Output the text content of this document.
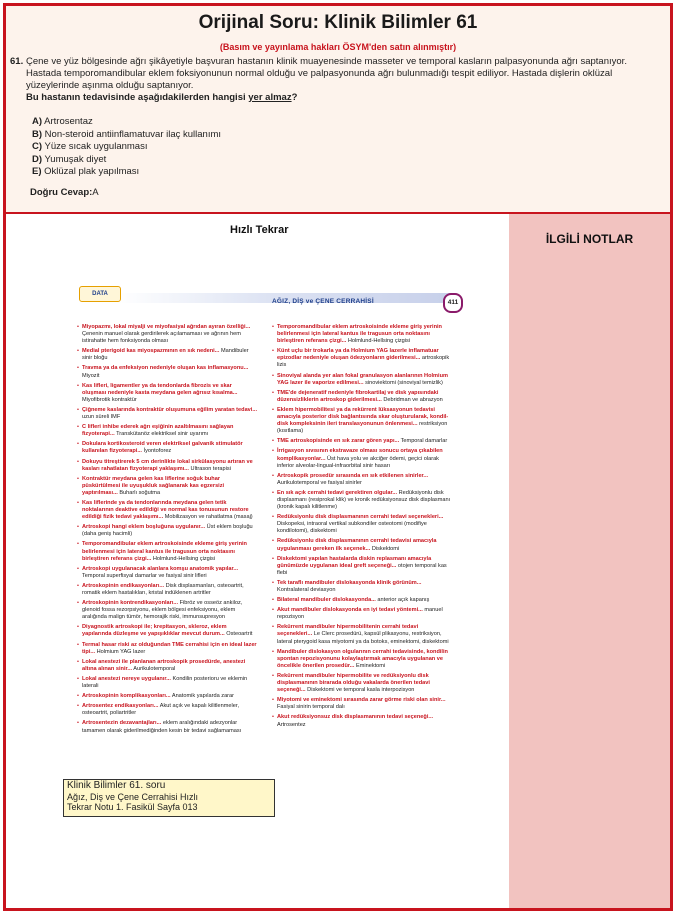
Orijinal Soru: Klinik Bilimler 61
(Basım ve yayınlama hakları ÖSYM'den satın alınmıştır)
61. Çene ve yüz bölgesinde ağrı şikâyetiyle başvuran hastanın klinik muayenesinde masseter ve temporal kasların palpasyonunda ağrı saptanıyor. Hastada temporomandibular eklem foksiyonunun normal olduğu ve palpasyonunda ağrı bulunmadığı tespit ediliyor. Hastada dişlerin oklüzal yüzeylerinde aşınma olduğu saptanıyor.
Bu hastanın tedavisinde aşağıdakilerden hangisi yer almaz?
A) Artrosentaz
B) Non-steroid antiinflamatuvar ilaç kullanımı
C) Yüze sıcak uygulanması
D) Yumuşak diyet
E) Oklüzal plak yapılması
Doğru Cevap:A
İLGİLİ NOTLAR
Hızlı Tekrar
DATA
AĞIZ, DİŞ ve ÇENE CERRAHİSİ	411
• Miyopazmı, lokal miyalji ve miyofasiyal ağrıdan ayıran özelliği... Çenenin manuel olarak gerdirilerek açılamaması ve ağrının hem istirahatte hem fonksiyonda olması
• Medial pterigoid kas miyospazmının en sık nedeni... Mandibuler sinir bloğu
• Travma ya da enfeksiyon nedeniyle oluşan kas inflamasyonu... Miyozit
• Kas lifleri, ligamentler ya da tendonlarda fibrozis ve skar oluşması nedeniyle kasta meydana gelen ağrısız kısalma... Miyofibrotik kontraktür
• Çiğneme kaslarında kontraktür oluşumuna eğilim yaratan tedavi... uzun süreli IMF
• C lifleri inhibe ederek ağrı eşiğinin azaltılmasını sağlayan fizyoterapi... Transkütanöz elektriksel sinir uyarımı
• Dokulara kortikosteroid veren elektriksel galvanik stimulatör kullanılan fizyoterapi... İyontoforez
• Dokuyu titreştirerek 5 cm derinlikte lokal sirkülasyonu artıran ve kasları rahatlatan fizyoterapi yaklaşımı... Ultrason terapisi
• Kontraktür meydana gelen kas liflerine soğuk buhar püskürtülmesi ile uyuşukluk sağlanarak kas egzersizi yaptırılması... Buharlı soğutma
• Kas liflerinde ya da tendonlarında meydana gelen tetik noktalarının deaktive edildiği ve normal kas tonusunun restore edildiği fizik tedavi yaklaşımı... Mobilizasyon ve rahatlatma (masaj)
• Artroskopi hangi eklem boşluğuna uygulanır... Üst eklem boşluğu (daha geniş hacimli)
• Temporomandibular eklem artroskoisinde ekleme giriş yerinin belirlenmesi için lateral kantus ile tragusun orta noktasını birleştiren referans çizgi... Holmlund-Hellsing çizgisi
• Artroskopi uygulanacak alanlara komşu anatomik yapılar... Temporal superfisyal damarlar ve fasiyal sinir lifleri
• Artroskopinin endikasyonları... Disk displasmanları, osteoartrit, romatik eklem hastalıkları, kristal indüklenen artritler
• Artroskopinin kontrendikasyonları... Fibröz ve osseöz ankiloz, glenoid fossa rezorpsiyonu, eklem bölgesi enfeksiyonu, eklem aralığında malign tümör, hemorajik riski, immunsupresyon
• Diyagnostik artroskopi ile; krepitasyon, skleroz, eklem yapılarında düzleşme ve yapışıklıklar mevcut durum... Osteoartrit
• Termal hasar riski az olduğundan TME cerrahisi için en ideal lazer tipi... Holmium YAG lazer
• Lokal anestezi ile planlanan artroskopik prosedürde, anestezi altına alınan sinir... Aurikulotemporal
• Lokal anestezi nereye uygulanır... Kondilin posterioru ve eklemin laterali
• Artroskopinin komplikasyonları... Anatomik yapılarda zarar
• Artrosentez endikasyonları... Akut açık ve kapalı kilitlenmeler, osteoartrit, poliartritler
• Artrosentezin dezavantajları... eklem aralığındaki adezyonlar tamamen olarak giderilmediğinden kesin bir tedavi sağlamaması
• Temporomandibular eklem artroskoisinde ekleme giriş yerinin belirlenmesi için lateral kantus ile tragusun orta noktasını birleştiren referans çizgi... Holmlund-Hellsing çizgisi
• Künt uçlu bir trokarla ya da Holmium YAG lazerle inflamatuar epizodlar nedeniyle oluşan ödezyonların giderilmesi... artroskopik lizis
• Sinoviyal alanda yer alan fokal granulasyon alanlarının Holmium YAG lazer ile vaporize edilmesi... sinoviektomi (sinoviyal temizlik)
• TME'de dejeneratif nedeniyle fibrokartilaj ve disk yapısındaki düzensizliklerin artroskop giderilmesi... Debridman ve abrazyon
• Eklem hipermobilitesi ya da rekürrent lüksasyonun tedavisi amacıyla posterior disk bağlantısında skar oluşturularak, kondil-disk kompleksinin ileri translasyonunun önlenmesi... restriksiyon (kısıtlama)
• TME artroskopisinde en sık zarar gören yapı... Temporal damarlar
• İrrigasyon sıvısının ekstravaze olması sonucu ortaya çıkabilen komplikasyonlar... Üst hava yolu ve akciğer ödemi, geçici olarak inferior alveolar-lingual-infraorbital sinir hasarı
• Artroskopik prosedür sırasında en sık etkilenen sinirler... Aurikulotemporal ve fasiyal sinirler
• En sık açık cerrahi tedavi gerektiren olgular... Redüksiyonlu disk displasmanı (resiprokal klik) ve kronik redüksiyonsuz disk displasmanı (kronik kapalı kilitlenme)
• Redüksiyonlu disk displasmanının cerrahi tedavi seçenekleri... Diskopeksi, intraoral vertikal subkondiler osteotomi (modifiye kondilotomi), diskektomi
• Redüksiyonlu disk displasmanının cerrahi tedavisi amacıyla uygulanması gereken ilk seçenek... Diskektomi
• Diskektomi yapılan hastalarda diskin replasmanı amacıyla günümüzde uygulanan ideal greft seçeneği... otojen temporal kas flebi
• Tek taraflı mandibuler dislokasyonda klinik görünüm... Kontralateral deviasyon
• Bilateral mandibuler dislokasyonda... anterior açık kapanış
• Akut mandibuler dislokasyonda en iyi tedavi yöntemi... manuel repozisyon
• Rekürrent mandibuler hipermobilitenin cerrahi tedavi seçenekleri... Le Clerc prosedürü, kapsül plikasyonu, restriksiyon, lateral pterygoid kasa miyotomi ya da botoks, eminektomi, diskektomi
• Mandibuler dislokasyon olgularının cerrahi tedavisinde, kondilin spontan repozisyonunu kolaylaştırmak amacıyla uygulanan ve öncelikle önerilen prosedür... Eminektomi
• Rekürrent mandibuler hipermobilite ve redüksiyonlu disk displasmanının birarada olduğu vakalarda önerilen tedavi seçeneği... Diskektomi ve temporal kasla interpozisyon
• Miyotomi ve eminektomi sırasında zarar görme riski olan sinir... Fasiyal sinirin temporal dalı
• Akut redüksiyonsuz disk displasmanının tedavi seçeneği... Artrosentez
Klinik Bilimler 61. soru
Ağız, Diş ve Çene Cerrahisi Hızlı
Tekrar Notu 1. Fasikül Sayfa 013
